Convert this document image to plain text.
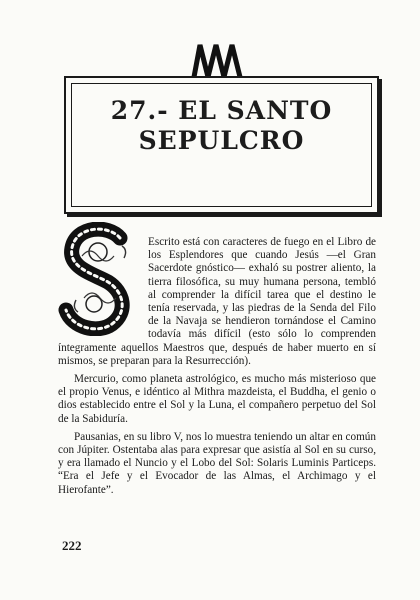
27.- EL SANTO
SEPULCRO

Escrito está con caracteres de fuego en el Libro de los Esplendores que cuando Jesús —el Gran Sacerdote gnóstico— exhaló su postrer aliento, la tierra filosófica, su muy humana persona, tembló al comprender la difícil tarea que el destino le tenía reservada, y las piedras de la Senda del Filo de la Navaja se hendieron tornándose el Camino todavía más difícil (esto sólo lo comprenden íntegramente aquellos Maestros que, después de haber muerto en sí mismos, se preparan para la Resurrección).

Mercurio, como planeta astrológico, es mucho más misterioso que el propio Venus, e idéntico al Mithra mazdeista, el Buddha, el genio o dios establecido entre el Sol y la Luna, el compañero perpetuo del Sol de la Sabiduría.

Pausanias, en su libro V, nos lo muestra teniendo un altar en común con Júpiter. Ostentaba alas para expresar que asistía al Sol en su curso, y era llamado el Nuncio y el Lobo del Sol: Solaris Luminis Particeps. “Era el Jefe y el Evocador de las Almas, el Archimago y el Hierofante”.

222
